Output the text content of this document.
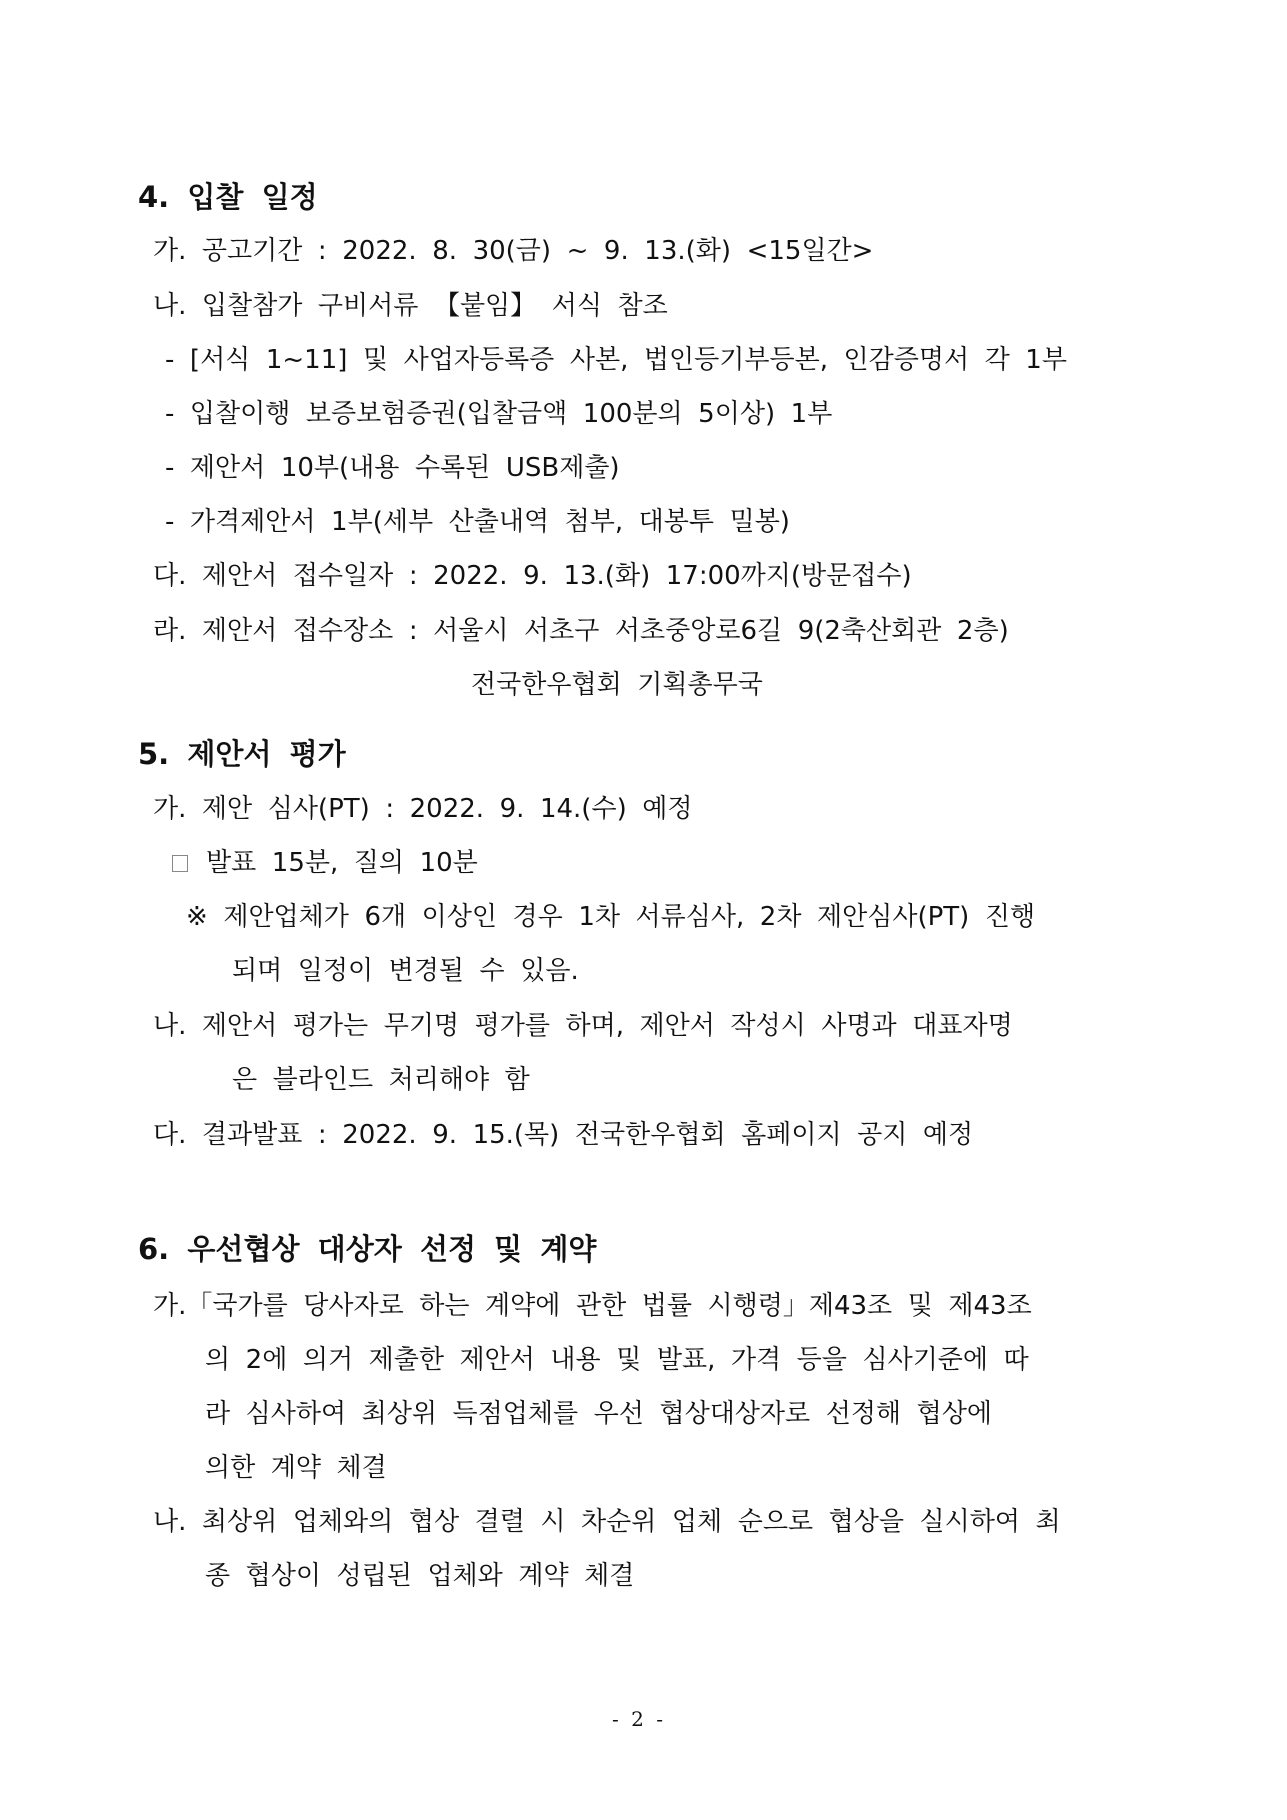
4. 입찰 일정
가. 공고기간 : 2022. 8. 30(금) ~ 9. 13.(화) <15일간>
나. 입찰참가 구비서류 【붙임】 서식 참조
- [서식 1~11] 및 사업자등록증 사본, 법인등기부등본, 인감증명서 각 1부
- 입찰이행 보증보험증권(입찰금액 100분의 5이상) 1부
- 제안서 10부(내용 수록된 USB제출)
- 가격제안서 1부(세부 산출내역 첨부, 대봉투 밀봉)
다. 제안서 접수일자 : 2022. 9. 13.(화) 17:00까지(방문접수)
라. 제안서 접수장소 : 서울시 서초구 서초중앙로6길 9(2축산회관 2층)
전국한우협회 기획총무국
5. 제안서 평가
가. 제안 심사(PT) : 2022. 9. 14.(수) 예정
발표 15분, 질의 10분
※ 제안업체가 6개 이상인 경우 1차 서류심사, 2차 제안심사(PT) 진행
되며 일정이 변경될 수 있음.
나. 제안서 평가는 무기명 평가를 하며, 제안서 작성시 사명과 대표자명
은 블라인드 처리해야 함
다. 결과발표 : 2022. 9. 15.(목) 전국한우협회 홈페이지 공지 예정
6. 우선협상 대상자 선정 및 계약
가.「국가를 당사자로 하는 계약에 관한 법률 시행령」제43조 및 제43조
의 2에 의거 제출한 제안서 내용 및 발표, 가격 등을 심사기준에 따
라 심사하여 최상위 득점업체를 우선 협상대상자로 선정해 협상에
의한 계약 체결
나. 최상위 업체와의 협상 결렬 시 차순위 업체 순으로 협상을 실시하여 최
종 협상이 성립된 업체와 계약 체결
- 2 -
